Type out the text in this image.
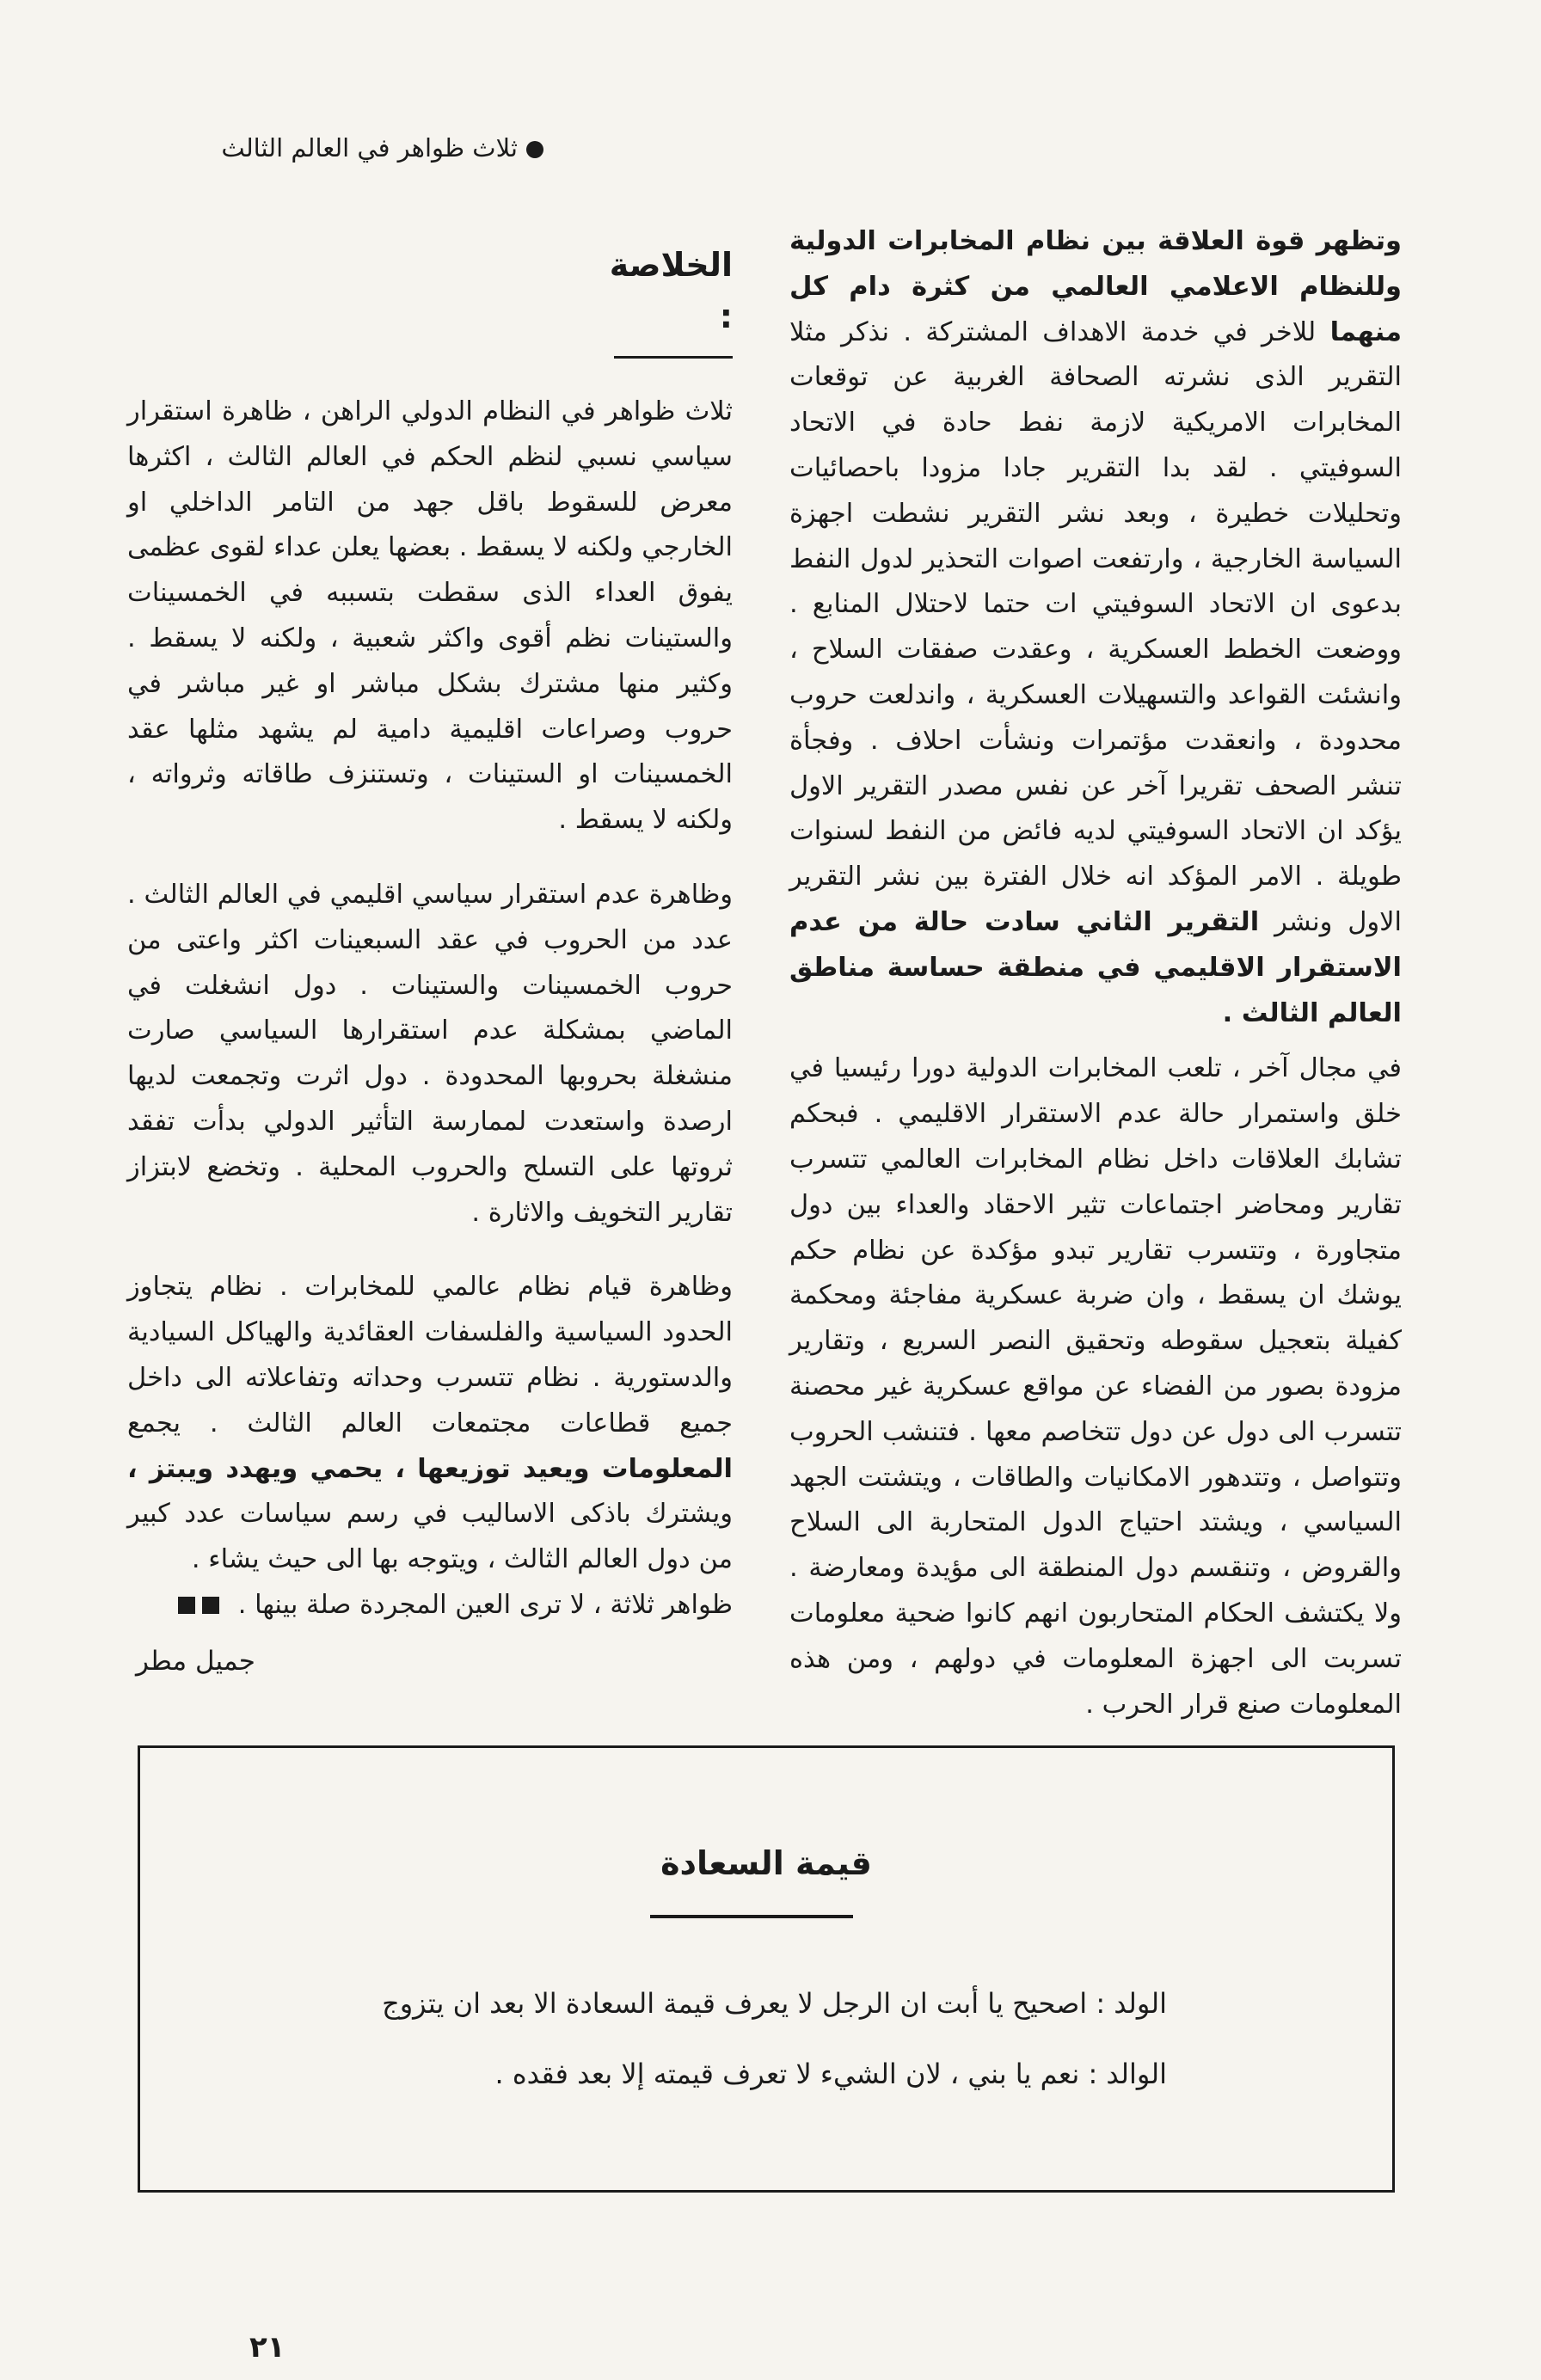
ثلاث ظواهر في العالم الثالث

وتظهر قوة العلاقة بين نظام المخابرات الدولية وللنظام الاعلامي العالمي من كثرة دام كل منهما للاخر في خدمة الاهداف المشتركة . نذكر مثلا التقرير الذى نشرته الصحافة الغربية عن توقعات المخابرات الامريكية لازمة نفط حادة في الاتحاد السوفيتي . لقد بدا التقرير جادا مزودا باحصائيات وتحليلات خطيرة ، وبعد نشر التقرير نشطت اجهزة السياسة الخارجية ، وارتفعت اصوات التحذير لدول النفط بدعوى ان الاتحاد السوفيتي ات حتما لاحتلال المنابع . ووضعت الخطط العسكرية ، وعقدت صفقات السلاح ، وانشئت القواعد والتسهيلات العسكرية ، واندلعت حروب محدودة ، وانعقدت مؤتمرات ونشأت احلاف . وفجأة تنشر الصحف تقريرا آخر عن نفس مصدر التقرير الاول يؤكد ان الاتحاد السوفيتي لديه فائض من النفط لسنوات طويلة . الامر المؤكد انه خلال الفترة بين نشر التقرير الاول ونشر التقرير الثاني سادت حالة من عدم الاستقرار الاقليمي في منطقة حساسة مناطق العالم الثالث .

في مجال آخر ، تلعب المخابرات الدولية دورا رئيسيا في خلق واستمرار حالة عدم الاستقرار الاقليمي . فبحكم تشابك العلاقات داخل نظام المخابرات العالمي تتسرب تقارير ومحاضر اجتماعات تثير الاحقاد والعداء بين دول متجاورة ، وتتسرب تقارير تبدو مؤكدة عن نظام حكم يوشك ان يسقط ، وان ضربة عسكرية مفاجئة ومحكمة كفيلة بتعجيل سقوطه وتحقيق النصر السريع ، وتقارير مزودة بصور من الفضاء عن مواقع عسكرية غير محصنة تتسرب الى دول عن دول تتخاصم معها . فتنشب الحروب وتتواصل ، وتتدهور الامكانيات والطاقات ، ويتشتت الجهد السياسي ، ويشتد احتياج الدول المتحاربة الى السلاح والقروض ، وتنقسم دول المنطقة الى مؤيدة ومعارضة . ولا يكتشف الحكام المتحاربون انهم كانوا ضحية معلومات تسربت الى اجهزة المعلومات في دولهم ، ومن هذه المعلومات صنع قرار الحرب .

الخلاصة :

ثلاث ظواهر في النظام الدولي الراهن ، ظاهرة استقرار سياسي نسبي لنظم الحكم في العالم الثالث ، اكثرها معرض للسقوط باقل جهد من التامر الداخلي او الخارجي ولكنه لا يسقط . بعضها يعلن عداء لقوى عظمى يفوق العداء الذى سقطت بتسببه في الخمسينات والستينات نظم أقوى واكثر شعبية ، ولكنه لا يسقط . وكثير منها مشترك بشكل مباشر او غير مباشر في حروب وصراعات اقليمية دامية لم يشهد مثلها عقد الخمسينات او الستينات ، وتستنزف طاقاته وثرواته ، ولكنه لا يسقط .

وظاهرة عدم استقرار سياسي اقليمي في العالم الثالث . عدد من الحروب في عقد السبعينات اكثر واعتى من حروب الخمسينات والستينات . دول انشغلت في الماضي بمشكلة عدم استقرارها السياسي صارت منشغلة بحروبها المحدودة . دول اثرت وتجمعت لديها ارصدة واستعدت لممارسة التأثير الدولي بدأت تفقد ثروتها على التسلح والحروب المحلية . وتخضع لابتزاز تقارير التخويف والاثارة .

وظاهرة قيام نظام عالمي للمخابرات . نظام يتجاوز الحدود السياسية والفلسفات العقائدية والهياكل السيادية والدستورية . نظام تتسرب وحداته وتفاعلاته الى داخل جميع قطاعات مجتمعات العالم الثالث . يجمع المعلومات ويعيد توزيعها ، يحمي ويهدد ويبتز ، ويشترك باذكى الاساليب في رسم سياسات عدد كبير من دول العالم الثالث ، ويتوجه بها الى حيث يشاء .

ظواهر ثلاثة ، لا ترى العين المجردة صلة بينها .

جميل مطر
قيمة السعادة
الولد : اصحيح يا أبت ان الرجل لا يعرف قيمة السعادة الا بعد ان يتزوج
الوالد : نعم يا بني ، لان الشيء لا تعرف قيمته إلا بعد فقده .
٢١
